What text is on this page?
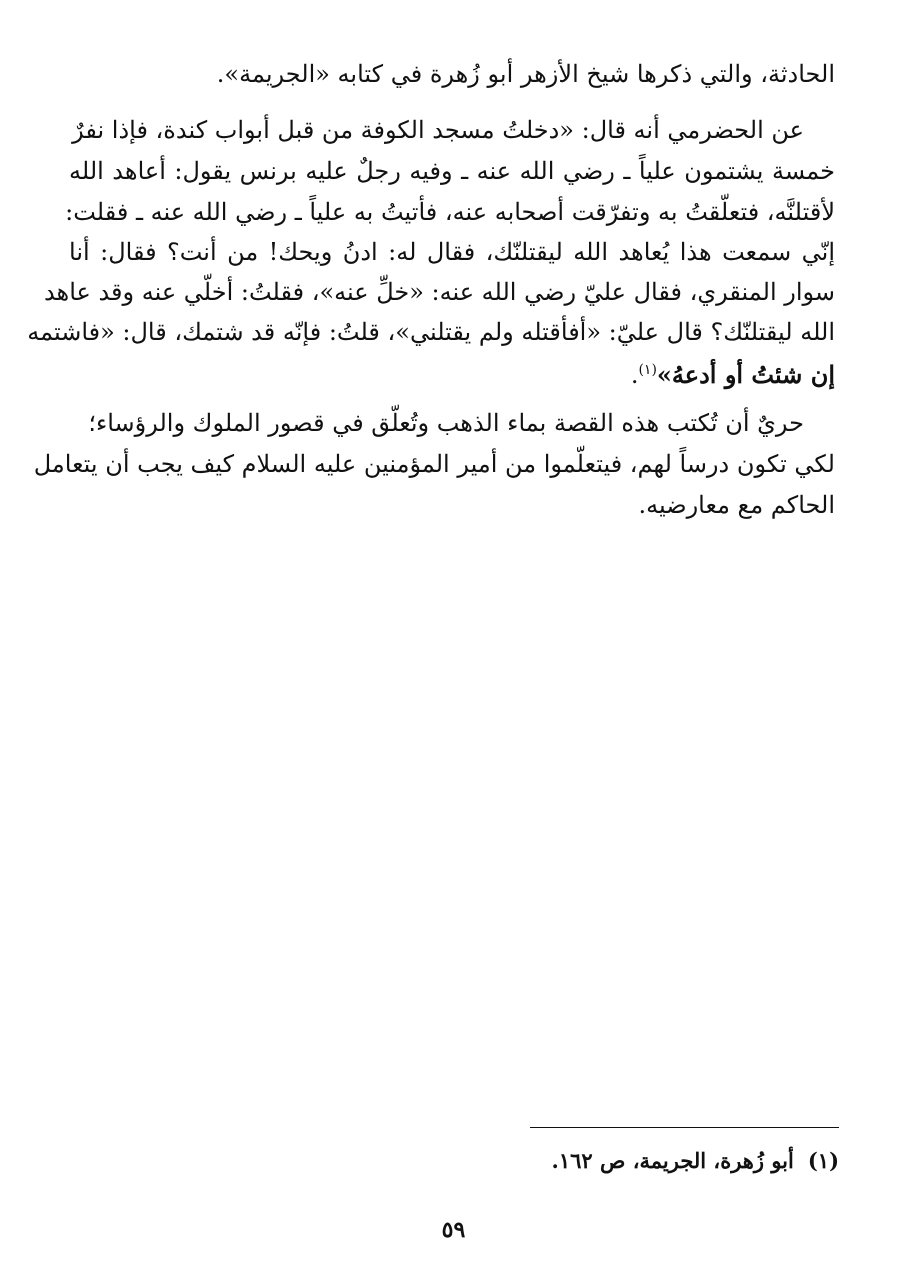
الحادثة، والتي ذكرها شيخ الأزهر أبو زُهرة في كتابه «الجريمة».
عن الحضرمي أنه قال: «دخلتُ مسجد الكوفة من قبل أبواب كندة، فإذا نفرٌ
خمسة يشتمون علياً ـ رضي الله عنه ـ وفيه رجلٌ عليه برنس يقول: أعاهد الله
لأقتلنَّه، فتعلّقتُ به وتفرّقت أصحابه عنه، فأتيتُ به علياً ـ رضي الله عنه ـ فقلت:
إنّي سمعت هذا يُعاهد الله ليقتلنّك، فقال له: ادنُ ويحك! من أنت؟ فقال: أنا
سوار المنقري، فقال عليّ رضي الله عنه: «خلِّ عنه»، فقلتُ: أخلّي عنه وقد عاهد
الله ليقتلنّك؟ قال عليّ: «أفأقتله ولم يقتلني»، قلتُ: فإنّه قد شتمك، قال: «فاشتمه
إن شئتُ أو أدعهُ»$^{(١)}$.
حريٌ أن تُكتب هذه القصة بماء الذهب وتُعلّق في قصور الملوك والرؤساء؛
لكي تكون درساً لهم، فيتعلّموا من أمير المؤمنين عليه السلام كيف يجب أن يتعامل
الحاكم مع معارضيه.
(١)أبو زُهرة، الجريمة، ص ١٦٢.
٥٩
